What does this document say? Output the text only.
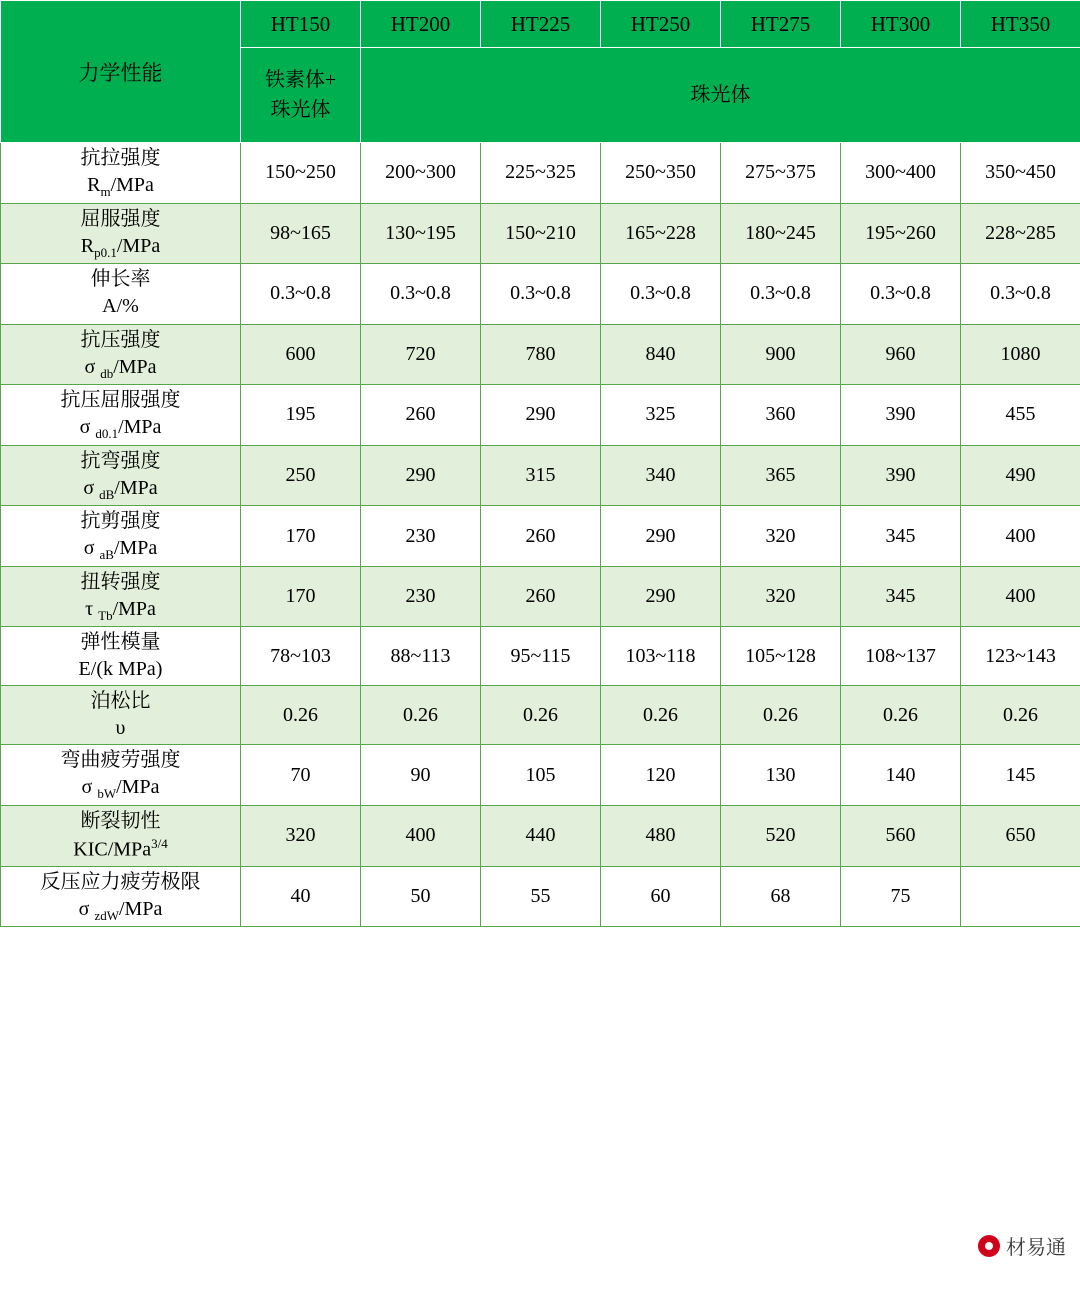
力学性能	HT150	HT200	HT225	HT250	HT275	HT300	HT350

	铁素体+
珠光体	珠光体					

抗拉强度
$R_m$/MPa	150~250	200~300	225~325	250~350	275~375	300~400	350~450

屈服强度
$R_{p0.1}$/MPa	98~165	130~195	150~210	165~228	180~245	195~260	228~285

伸长率
A/%	0.3~0.8	0.3~0.8	0.3~0.8	0.3~0.8	0.3~0.8	0.3~0.8	0.3~0.8

抗压强度
σ $_{db}$/MPa	600	720	780	840	900	960	1080

抗压屈服强度
σ $_{d0.1}$/MPa	195	260	290	325	360	390	455

抗弯强度
σ $_{dB}$/MPa	250	290	315	340	365	390	490

抗剪强度
σ $_{aB}$/MPa	170	230	260	290	320	345	400

扭转强度
τ $_{Tb}$/MPa	170	230	260	290	320	345	400

弹性模量
E/(k MPa)	78~103	88~113	95~115	103~118	105~128	108~137	123~143

泊松比
υ	0.26	0.26	0.26	0.26	0.26	0.26	0.26

弯曲疲劳强度
σ $_{bW}$/MPa	70	90	105	120	130	140	145

断裂韧性
KIC/MPa$^{3/4}$	320	400	440	480	520	560	650

反压应力疲劳极限
σ $_{zdW}$/MPa	40	50	55	60	68	75	
材易通
